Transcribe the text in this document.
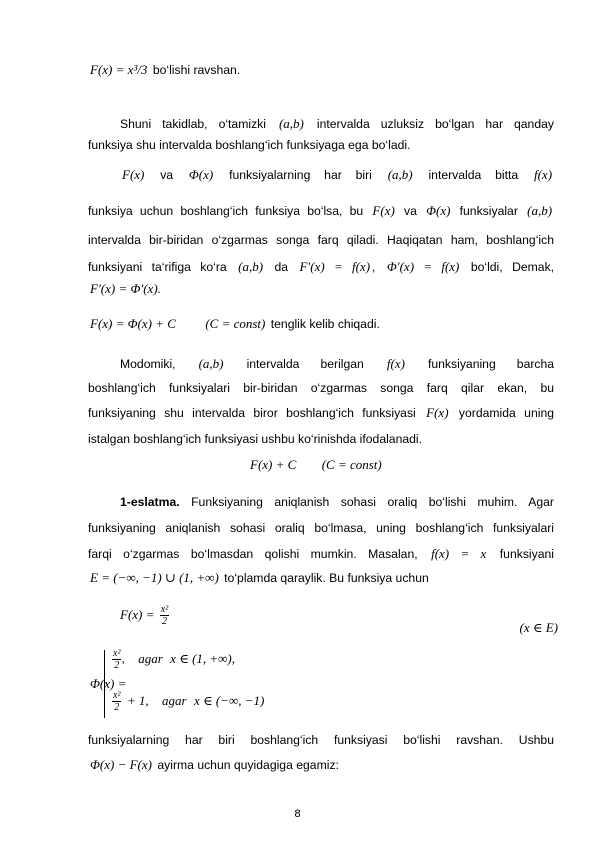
F(x) = x³/3 bo‘lishi ravshan.
Shuni takidlab, o‘tamizki (a,b) intervalda uzluksiz bo‘lgan har qanday
funksiya shu intervalda boshlang‘ich funksiyaga ega bo‘ladi.
F(x) va Φ(x) funksiyalarning har biri (a,b) intervalda bitta f(x)
funksiya uchun boshlang‘ich funksiya bo‘lsa, bu F(x) va Φ(x) funksiyalar (a,b)
intervalda bir-biridan o‘zgarmas songa farq qiladi. Haqiqatan ham, boshlang‘ich
funksiyani ta‘rifiga ko‘ra (a,b) da F′(x) = f(x) , Φ′(x) = f(x) bo‘ldi, Demak,
F′(x) = Φ′(x).
F(x) = Φ(x) + C (C = const) tenglik kelib chiqadi.
Modomiki, (a,b) intervalda berilgan f(x) funksiyaning barcha
boshlang‘ich funksiyalari bir-biridan o‘zgarmas songa farq qilar ekan, bu
funksiyaning shu intervalda biror boshlang‘ich funksiyasi F(x) yordamida uning
istalgan boshlang‘ich funksiyasi ushbu ko‘rinishda ifodalanadi.
F(x) + C (C = const)
1-eslatma. Funksiyaning aniqlanish sohasi oraliq bo‘lishi muhim. Agar
funksiyaning aniqlanish sohasi oraliq bo‘lmasa, uning boshlang‘ich funksiyalari
farqi o‘zgarmas bo‘lmasdan qolishi mumkin. Masalan, f(x) = x funksiyani
E = (−∞, −1) ∪ (1, +∞) to‘plamda qaraylik. Bu funksiya uchun
$F(x) = \frac{\text{x²}}{2}$
(x ∈ E)
Φ(x) =
$\frac{\text{x²}}{2}$ , agar x ∈ (1, +∞),
$\frac{\text{x²}}{2} + 1$, agar x ∈ (−∞, −1)
funksiyalarning har biri boshlang‘ich funksiyasi bo‘lishi ravshan. Ushbu
Φ(x) − F(x) ayirma uchun quyidagiga egamiz:
8
